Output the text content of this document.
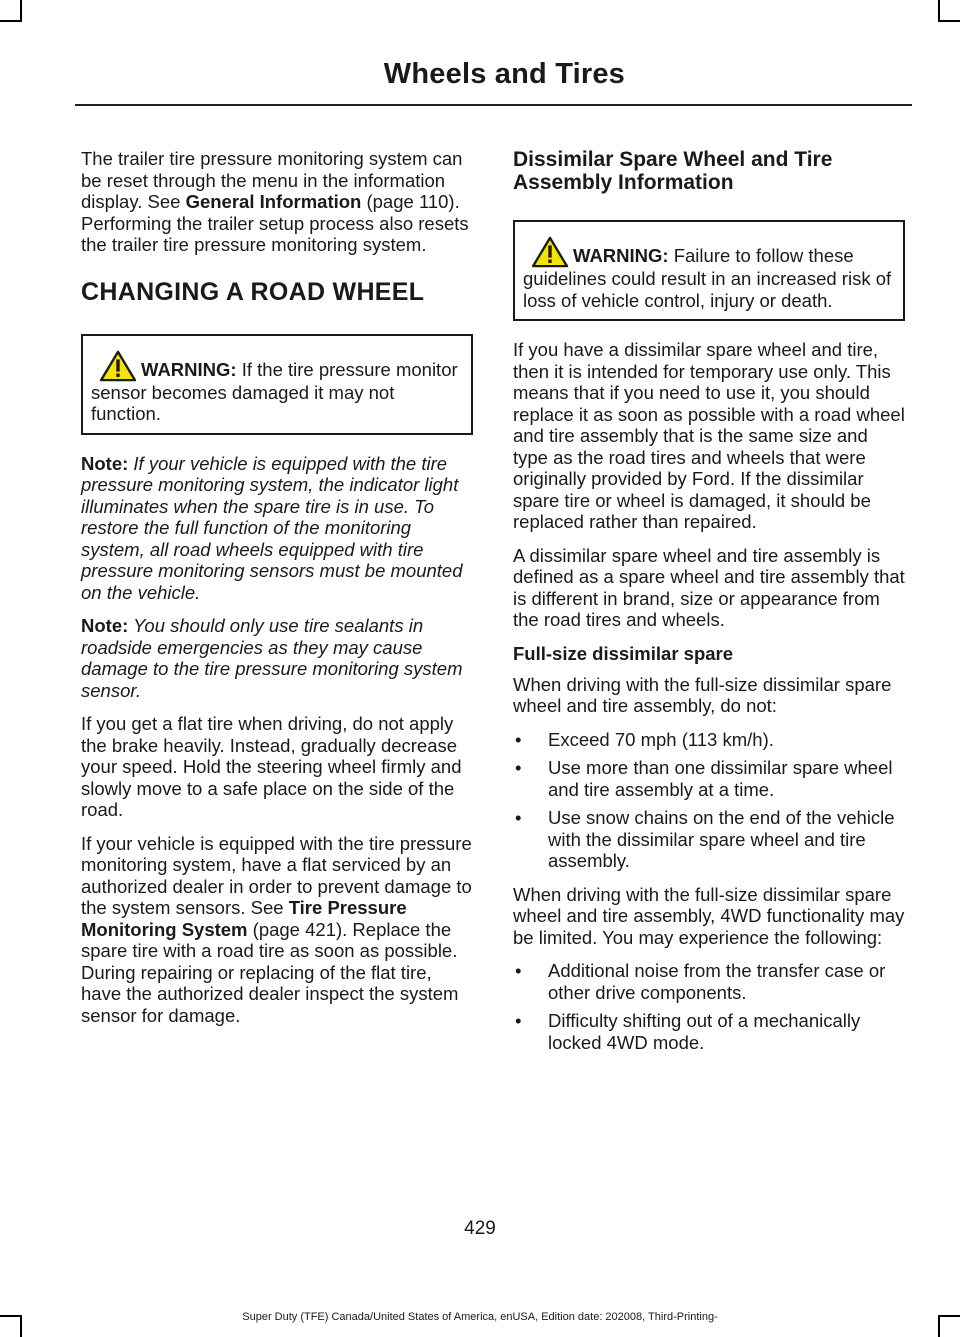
Wheels and Tires

The trailer tire pressure monitoring system can be reset through the menu in the information display. See General Information (page 110). Performing the trailer setup process also resets the trailer tire pressure monitoring system.

CHANGING A ROAD WHEEL
WARNING: If the tire pressure monitor sensor becomes damaged it may not function.

Note: If your vehicle is equipped with the tire pressure monitoring system, the indicator light illuminates when the spare tire is in use. To restore the full function of the monitoring system, all road wheels equipped with tire pressure monitoring sensors must be mounted on the vehicle.

Note: You should only use tire sealants in roadside emergencies as they may cause damage to the tire pressure monitoring system sensor.

If you get a flat tire when driving, do not apply the brake heavily. Instead, gradually decrease your speed. Hold the steering wheel firmly and slowly move to a safe place on the side of the road.

If your vehicle is equipped with the tire pressure monitoring system, have a flat serviced by an authorized dealer in order to prevent damage to the system sensors. See Tire Pressure Monitoring System (page 421). Replace the spare tire with a road tire as soon as possible. During repairing or replacing of the flat tire, have the authorized dealer inspect the system sensor for damage.

Dissimilar Spare Wheel and Tire Assembly Information
WARNING: Failure to follow these guidelines could result in an increased risk of loss of vehicle control, injury or death.

If you have a dissimilar spare wheel and tire, then it is intended for temporary use only. This means that if you need to use it, you should replace it as soon as possible with a road wheel and tire assembly that is the same size and type as the road tires and wheels that were originally provided by Ford. If the dissimilar spare tire or wheel is damaged, it should be replaced rather than repaired.

A dissimilar spare wheel and tire assembly is defined as a spare wheel and tire assembly that is different in brand, size or appearance from the road tires and wheels.

Full-size dissimilar spare

When driving with the full-size dissimilar spare wheel and tire assembly, do not:

• Exceed 70 mph (113 km/h).
• Use more than one dissimilar spare wheel and tire assembly at a time.
• Use snow chains on the end of the vehicle with the dissimilar spare wheel and tire assembly.

When driving with the full-size dissimilar spare wheel and tire assembly, 4WD functionality may be limited. You may experience the following:

• Additional noise from the transfer case or other drive components.
• Difficulty shifting out of a mechanically locked 4WD mode.
429
Super Duty (TFE) Canada/United States of America, enUSA, Edition date: 202008, Third-Printing-
